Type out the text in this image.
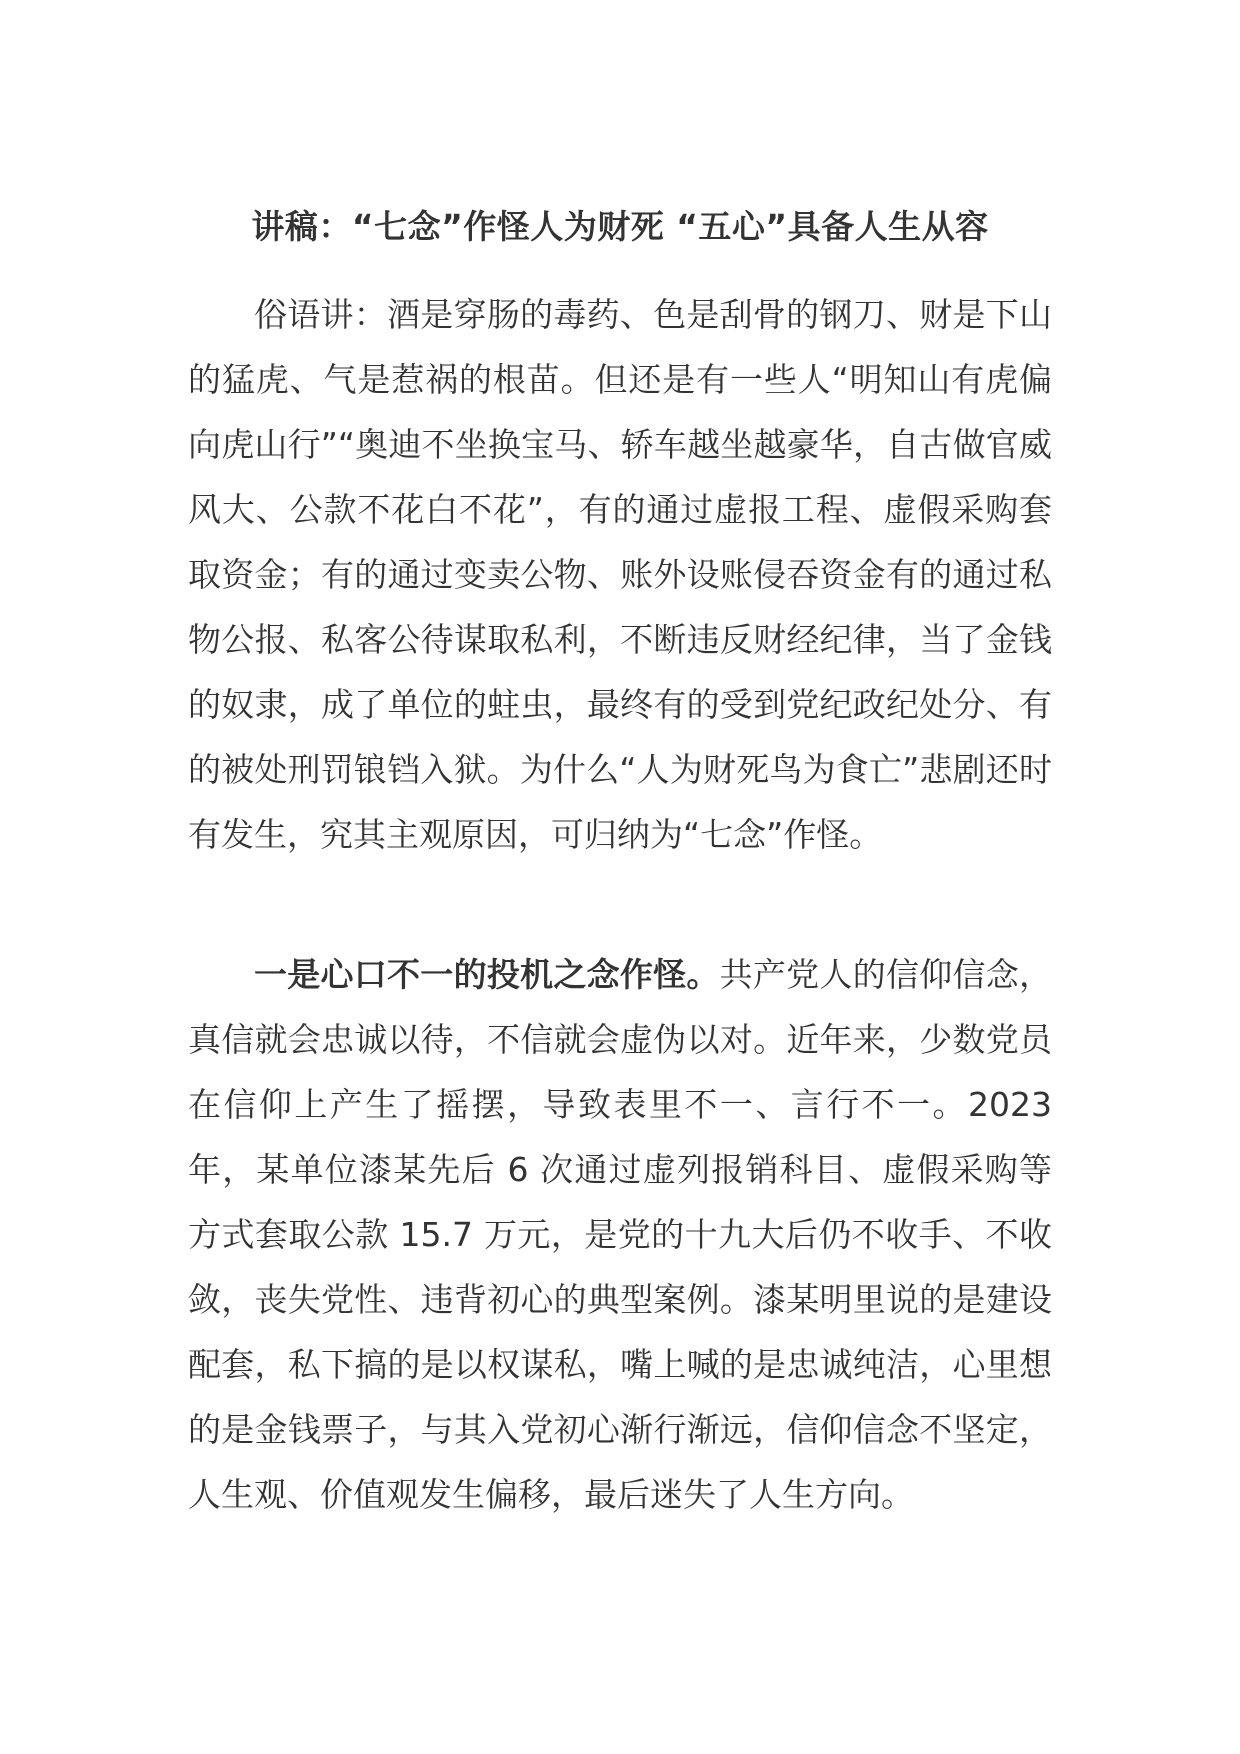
讲稿：“七念”作怪人为财死 “五心”具备人生从容

俗语讲：酒是穿肠的毒药、色是刮骨的钢刀、财是下山的猛虎、气是惹祸的根苗。但还是有一些人“明知山有虎偏向虎山行”“奥迪不坐换宝马、轿车越坐越豪华，自古做官威风大、公款不花白不花”，有的通过虚报工程、虚假采购套取资金；有的通过变卖公物、账外设账侵吞资金有的通过私物公报、私客公待谋取私利，不断违反财经纪律，当了金钱的奴隶，成了单位的蛀虫，最终有的受到党纪政纪处分、有的被处刑罚锒铛入狱。为什么“人为财死鸟为食亡”悲剧还时有发生，究其主观原因，可归纳为“七念”作怪。

一是心口不一的投机之念作怪。共产党人的信仰信念，真信就会忠诚以待，不信就会虚伪以对。近年来，少数党员在信仰上产生了摇摆，导致表里不一、言行不一。2023年，某单位漆某先后 6 次通过虚列报销科目、虚假采购等方式套取公款 15.7 万元，是党的十九大后仍不收手、不收敛，丧失党性、违背初心的典型案例。漆某明里说的是建设配套，私下搞的是以权谋私，嘴上喊的是忠诚纯洁，心里想的是金钱票子，与其入党初心渐行渐远，信仰信念不坚定，人生观、价值观发生偏移，最后迷失了人生方向。
